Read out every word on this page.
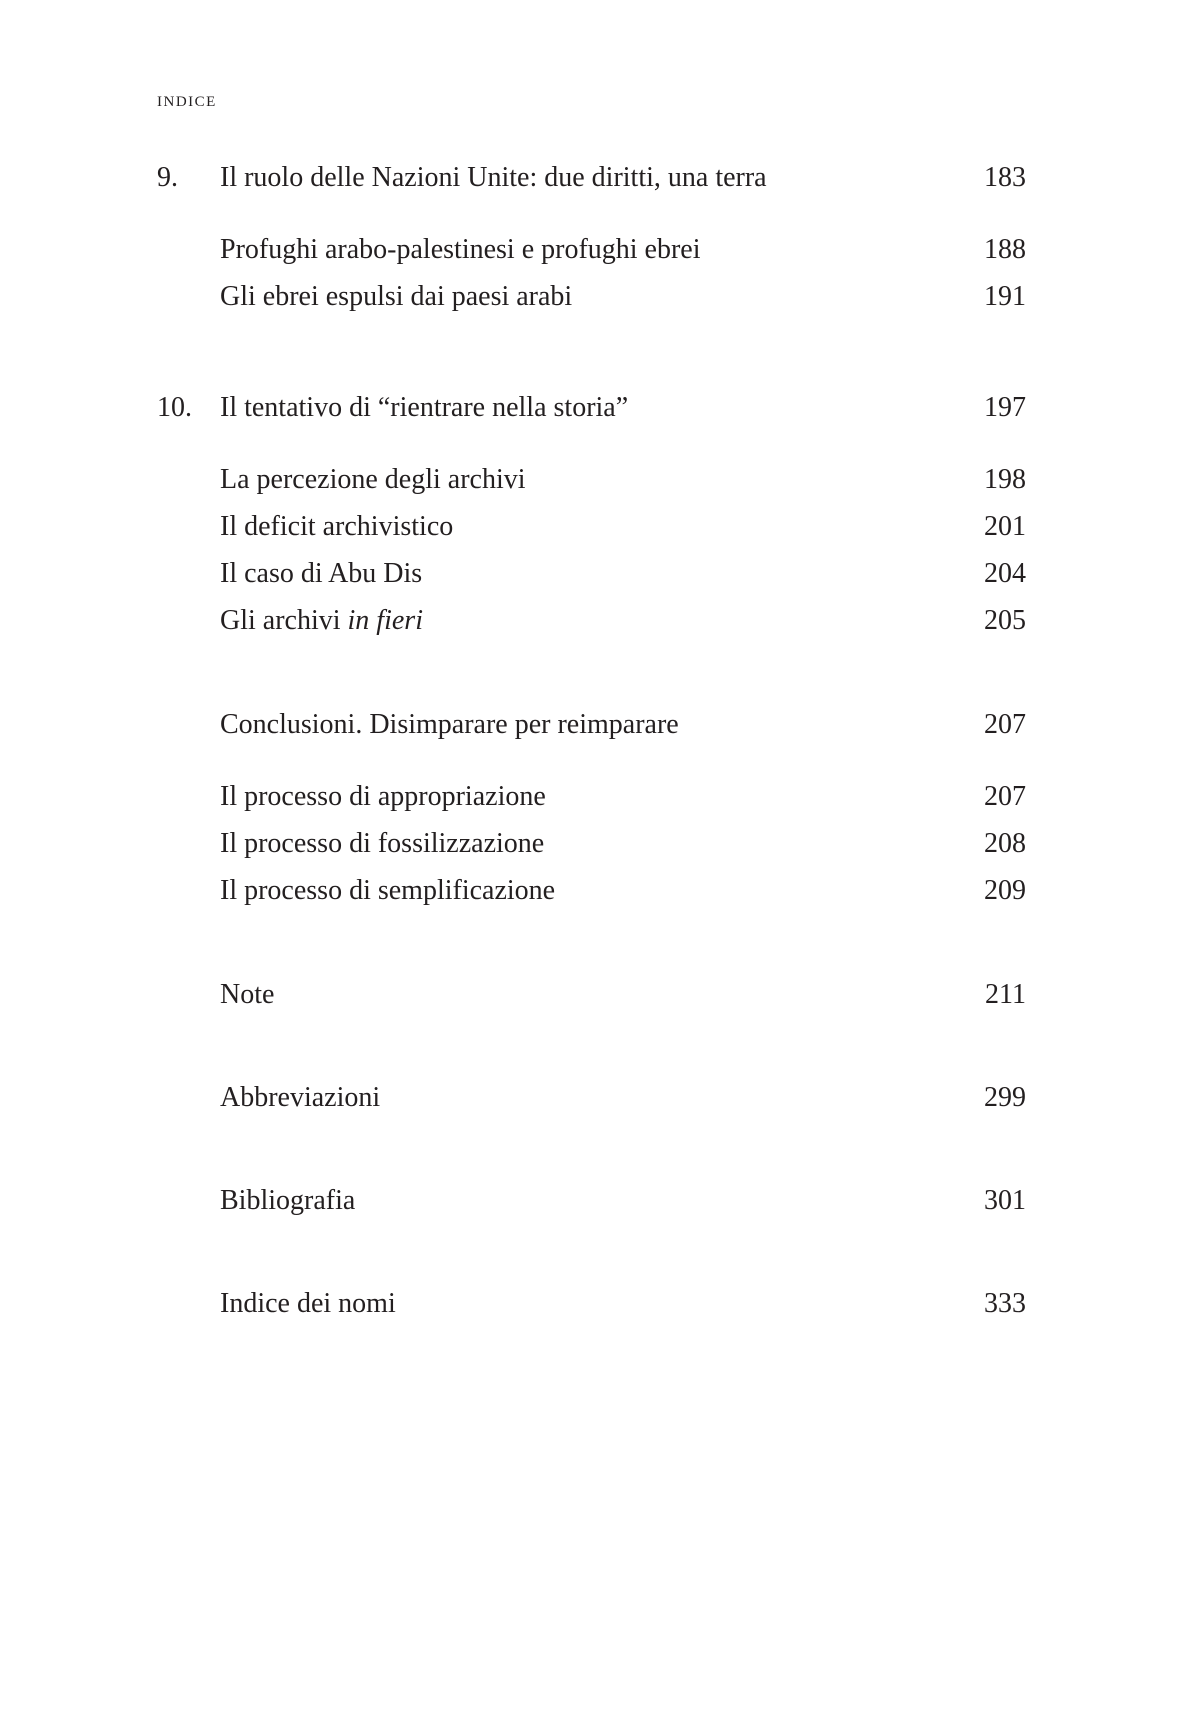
indice
9. Il ruolo delle Nazioni Unite: due diritti, una terra	183
Profughi arabo-palestinesi e profughi ebrei	188
Gli ebrei espulsi dai paesi arabi	191
10. Il tentativo di “rientrare nella storia”	197
La percezione degli archivi	198
Il deficit archivistico	201
Il caso di Abu Dis	204
Gli archivi in fieri	205
Conclusioni. Disimparare per reimparare	207
Il processo di appropriazione	207
Il processo di fossilizzazione	208
Il processo di semplificazione	209
Note	211
Abbreviazioni	299
Bibliografia	301
Indice dei nomi	333
